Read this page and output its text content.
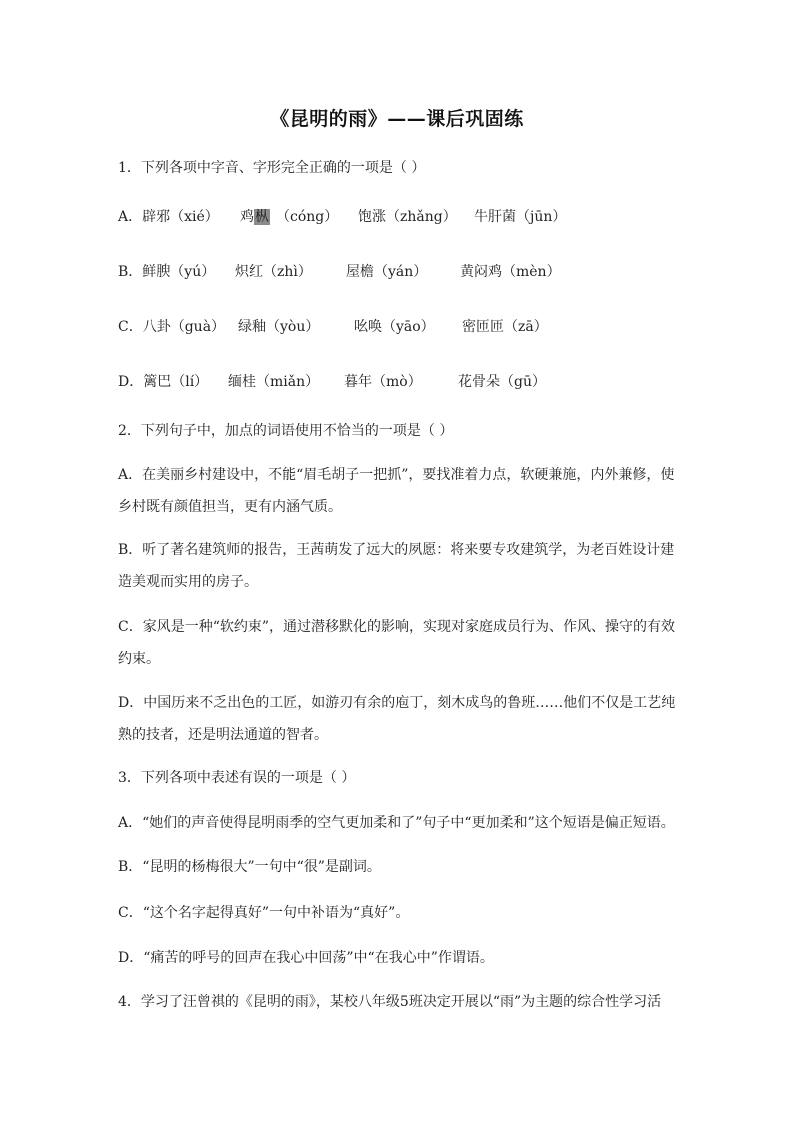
《昆明的雨》——课后巩固练
1．下列各项中字音、字形完全正确的一项是（ ）
A．辟邪（xié） 鸡枞 （cóng） 饱涨（zhǎng） 牛肝菌（jūn）
B．鲜腴（yú） 炽红（zhì） 屋檐（yán） 黄闷鸡（mèn）
C．八卦（guà） 绿釉（yòu） 吆唤（yāo） 密匝匝（zā）
D．篱巴（lí） 缅桂（miǎn） 暮年（mò）	花骨朵（gū）
2．下列句子中，加点的词语使用不恰当的一项是（ ）
A．在美丽乡村建设中，不能“眉毛胡子一把抓”，要找准着力点，软硬兼施，内外兼修，使
乡村既有颜值担当，更有内涵气质。
B．听了著名建筑师的报告，王茜萌发了远大的夙愿：将来要专攻建筑学，为老百姓设计建
造美观而实用的房子。
C．家风是一种“软约束”，通过潜移默化的影响，实现对家庭成员行为、作风、操守的有效
约束。
D．中国历来不乏出色的工匠，如游刃有余的庖丁，刻木成鸟的鲁班……他们不仅是工艺纯
熟的技者，还是明法通道的智者。
3．下列各项中表述有误的一项是（ ）
A．“她们的声音使得昆明雨季的空气更加柔和了”句子中“更加柔和”这个短语是偏正短语。
B．“昆明的杨梅很大”一句中“很”是副词。
C．“这个名字起得真好”一句中补语为“真好”。
D．“痛苦的呼号的回声在我心中回荡”中“在我心中”作谓语。
4．学习了汪曾祺的《昆明的雨》，某校八年级5班决定开展以“雨”为主题的综合性学习活
